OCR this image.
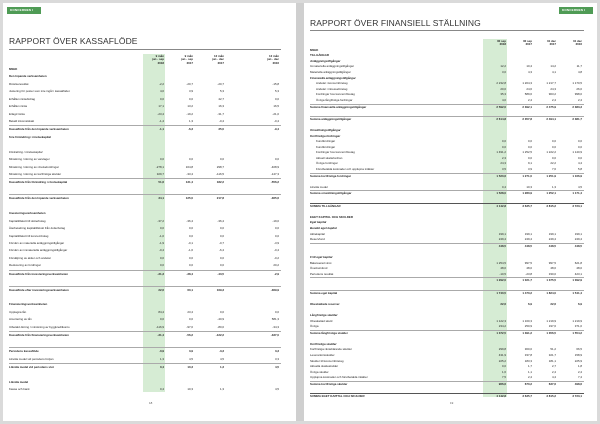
KONCERNEN I SIFFROR
RAPPORT ÖVER KASSAFLÖDE
9 mån
jan - sep
2018
9 mån
jan - sep
2017
12 mån
jan - dec
2017
12 mån
jan - dec
2016
MSEK
Den löpande verksamheten
Rörelseresultat	-2,2	-20,7	-20,7	-15,8
Justering för poster som inte ingår i kassaflödet	4,0	3,9	5,3	5,3
Erhållen räntebidrag	0,0	0,0	42,7	0,0
Erhållen ränta	17,1	13,2	16,3	16,5
Erlagd ränta	-23,4	-19,2	-31,7	-21,0
Betald inkomstskatt	-1,4	1,3	-0,4	-0,4
Kassaflöde från den löpande verksamheten	-1,1	-6,3	35,0	-9,4
före förändring i rörelsekapital
Förändring i rörelsekapital
Minskning / ökning av varulager	0,0	0,0	0,0	0,0
Minskning / ökning av rörelsefordringar	-278,1	164,8	298,7	-408,9
Minskning / ökning av kortfristiga skulder	329,7	-33,4	-116,5	-147,3
Kassaflöde från förändring i rörelsekapital	51,6	131,4	182,2	-556,2
Kassaflöde från den löpande verksamheten	34,1	125,0	217,8	-365,6
Investeringsverksamheten
Kapitaltillskott till dotterbolag	-37,2	-36,4	-36,4	-19,0
Återbetalning kapitaltillskott från dotterbolag	0,0	0,0	0,0	0,0
Kapitaltillskott till koncernbolag	-1,0	0,0	0,0	0,0
Förvärv av materiella anläggningstillgångar	-1,9	-0,1	-0,7	-3,9
Förvärv av immateriella anläggningstillgångar	-0,4	-1,6	-6,4	-0,4
Försäljning av aktier och andelar	0,0	0,0	0,0	-0,2
Reducering av fordringar	0,0	0,0	0,0	20,2
Kassaflöde från investeringsverksamheten	-31,3	-38,4	-43,5	-2,9
Kassaflöde efter investeringsverksamheten	22,6	60,1	169,3	-369,9
Finansieringsverksamheten
Upptagna lån	84,4	23,4	0,0	0,0
Amortering av lån	0,0	0,0	-40,9	581,3
Utbetald ökning / minskning av byggkreditkonto	-116,9	-97,0	-80,0	-34,3
Kassaflöde från finansieringsverksamheten	-31,4	-56,2	-122,2	-337,0
Periodens kassaflöde	-0,9	3,9	-3,3	3,3
Likvida medel vid periodens början	1,3	4,5	4,5	3,3
Likvida medel vid periodens slut	0,4	10,3	1,3	4,5
Likvida medel
Kassa och bank	0,4	10,3	1,3	4,5
18
KONCERNEN I SIFFROR
RAPPORT ÖVER FINANSIELL STÄLLNING
30 sep
2018
30 sep
2017
31 dec
2017
31 dec
2016
MSEK
TILLGÅNGAR
Anläggningstillgångar
Immateriella anläggningstillgångar	12,2	10,4	14,2	11,7
Materiella anläggningstillgångar	3,0	4,3	4,1	4,8
Finansiella anläggningstillgångar
Andelar i koncernföretag	2 232,8	1 204,3	1 217,7	1 170,5
Andelar i intresseföretag	20,0	24,6	24,3	26,0
Fordringar hos koncernföretag	35,3	589,6	903,2	998,0
Övriga långfristiga fordringar	4,0	2,4	2,4	2,4
Summa finansiella anläggningstillgångar	2 592,0	2 392,1	2 475,9	2 383,3
Summa anläggningstillgångar	2 614,8	2 357,8	2 494,1	2 381,7
Omsättningstillgångar
Kortfristiga fordringar
Kundfordringar	0,0	0,0	0,0	0,0
Kundfordringar	0,0	0,0	0,0	0,0
Fordringar hos koncernföretag	1 491,2	1 252,5	1 222,2	1 140,9
Aktuell skattefordran	2,3	0,0	0,0	0,0
Övriga fordringar	24,3	9,1	22,2	4,4
Förutbetalda kostnader och upplupna intäkter	3,5	3,9	7,6	5,8
Summa kortfristiga fordringar	1 520,6	1 271,0	1 251,9	1 166,9
Likvida medel	0,4	10,3	1,3	4,5
Summa omsättningstillgångar	1 528,0	1 280,9	1 252,1	1 171,4
SUMMA TILLGÅNGAR	4 142,8	3 635,7	3 815,2	3 723,1
EGET KAPITAL OCH SKULDER
Eget kapital
Bundet eget kapital
Aktiekapital	199,1	199,1	199,1	199,1
Reservfond	249,4	249,4	249,4	249,4
448,5	448,5	448,5	448,5
Fritt eget kapital
Balanserad vinst	1 254,5	997,5	997,5	621,8
Överkursfond	48,0	48,0	48,0	48,0
Periodens resultat	-10,5	-23,8	330,0	423,1
1 292,0	1 021,7	1 375,5	1 092,9
Summa eget kapital	1 740,5	1 470,2	1 824,0	1 541,4
Obeskattade reserver	22,6	6,9	22,6	6,9
Långfristiga skulder
Obeskattad skuld	1 122,3	1 160,3	1 219,9	1 219,9
Övriga	234,2	250,9	197,6	371,0
Summa långfristiga skulder	1 372,5	1 391,2	1 356,5	1 554,2
Kortfristiga skulder
Kortfristiga räntebärande skulder	299,8	300,0	51,2	66,5
Leverantörsskulder	431,9	337,8	321,7	158,9
Skulder till koncernföretag	225,2	183,3	181,1	225,9
Aktuella skatteskulder	0,0	1,7	2,7	1,8
Övriga skulder	1,6	1,1	2,4	2,4
Upplupna kostnader och förutbetalda intäkter	7,5	2,4	4,4	7,4
Summa kortfristiga skulder	966,6	670,2	637,6	498,6
SUMMA EGET KAPITAL OCH SKULDER	4 142,8	3 635,7	3 815,2	3 723,1
19
